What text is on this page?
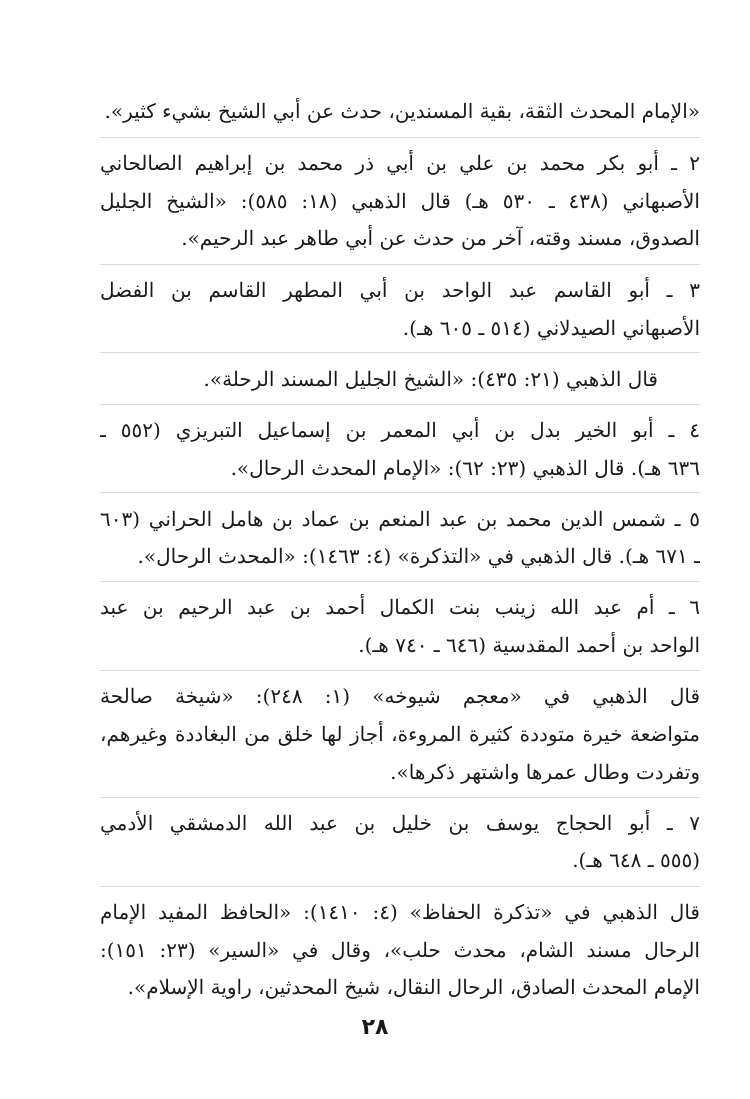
«الإمام المحدث الثقة، بقية المسندين، حدث عن أبي الشيخ بشيء كثير».
٢ ـ أبو بكر محمد بن علي بن أبي ذر محمد بن إبراهيم الصالحاني
الأصبهاني (٤٣٨ ـ ٥٣٠ هـ) قال الذهبي (١٨: ٥٨٥): «الشيخ الجليل
الصدوق، مسند وقته، آخر من حدث عن أبي طاهر عبد الرحيم».
٣ ـ أبو القاسم عبد الواحد بن أبي المطهر القاسم بن الفضل
الأصبهاني الصيدلاني (٥١٤ ـ ٦٠٥ هـ).
قال الذهبي (٢١: ٤٣٥): «الشيخ الجليل المسند الرحلة».
٤ ـ أبو الخير بدل بن أبي المعمر بن إسماعيل التبريزي (٥٥٢ ـ
٦٣٦ هـ). قال الذهبي (٢٣: ٦٢): «الإمام المحدث الرحال».
٥ ـ شمس الدين محمد بن عبد المنعم بن عماد بن هامل الحراني (٦٠٣
ـ ٦٧١ هـ). قال الذهبي في «التذكرة» (٤: ١٤٦٣): «المحدث الرحال».
٦ ـ أم عبد الله زينب بنت الكمال أحمد بن عبد الرحيم بن عبد
الواحد بن أحمد المقدسية (٦٤٦ ـ ٧٤٠ هـ).
قال الذهبي في «معجم شيوخه» (١: ٢٤٨): «شيخة صالحة
متواضعة خيرة متوددة كثيرة المروءة، أجاز لها خلق من البغاددة وغيرهم،
وتفردت وطال عمرها واشتهر ذكرها».
٧ ـ أبو الحجاج يوسف بن خليل بن عبد الله الدمشقي الأدمي
(٥٥٥ ـ ٦٤٨ هـ).
قال الذهبي في «تذكرة الحفاظ» (٤: ١٤١٠): «الحافظ المفيد الإمام
الرحال مسند الشام، محدث حلب»، وقال في «السير» (٢٣: ١٥١):
الإمام المحدث الصادق، الرحال النقال، شيخ المحدثين، راوية الإسلام».
٢٨
